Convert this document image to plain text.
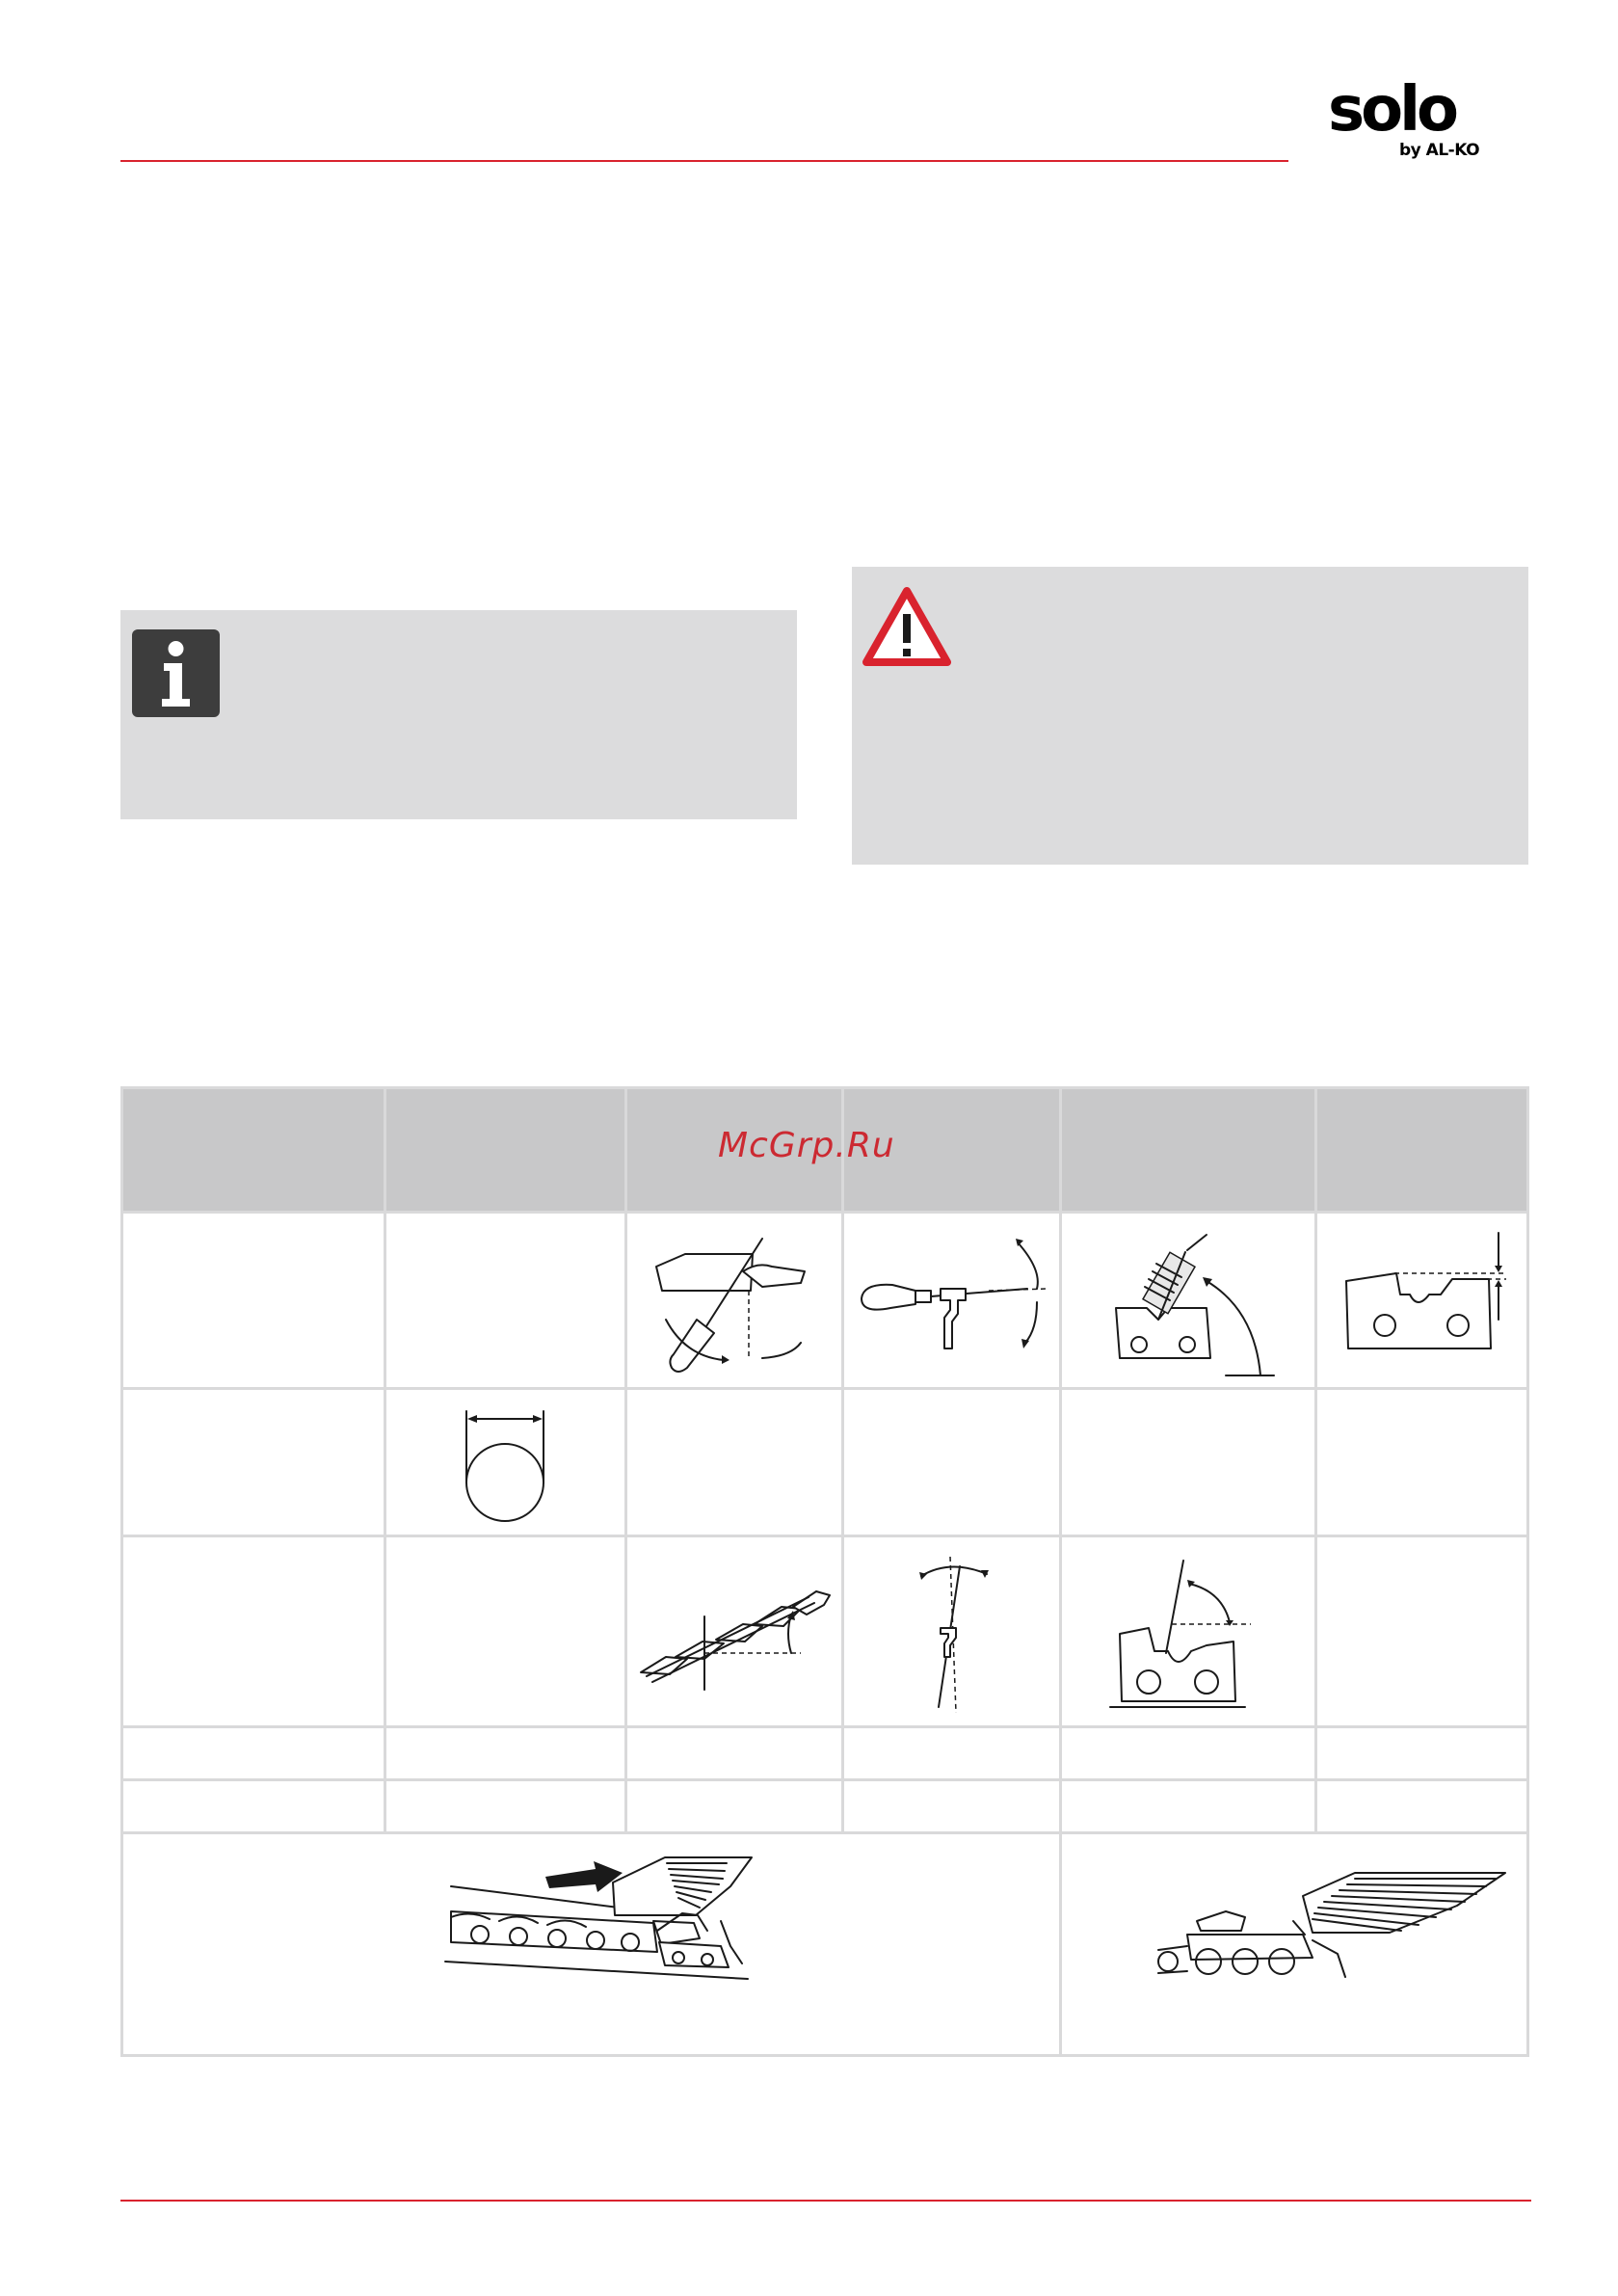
solo
by AL-KO
McGrp.Ru
